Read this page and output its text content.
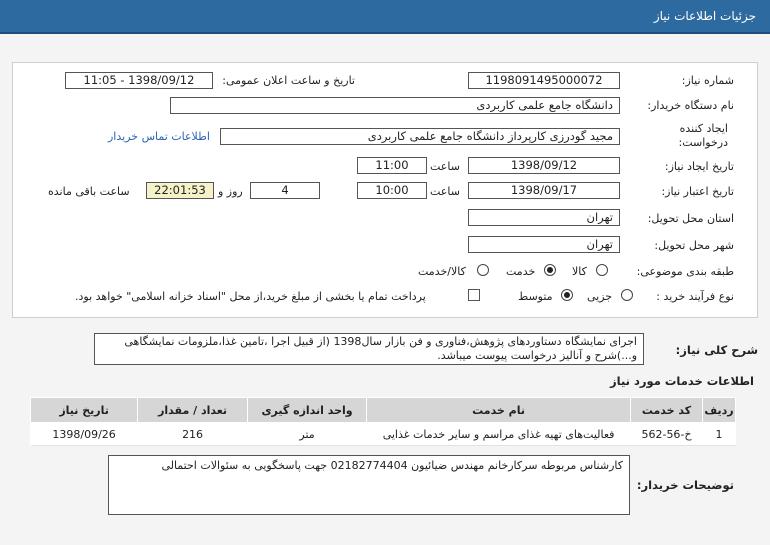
جزئیات اطلاعات نیاز
شماره نیاز:
1198091495000072
تاریخ و ساعت اعلان عمومی:
1398/09/12 - 11:05
نام دستگاه خریدار:
دانشگاه جامع علمی کاربردی
ایجاد کننده درخواست:
مجید گودرزی کارپرداز دانشگاه جامع علمی کاربردی
اطلاعات تماس خریدار
تاریخ ایجاد نیاز:
1398/09/12
ساعت
11:00
تاریخ اعتبار نیاز:
1398/09/17
ساعت
10:00
4
روز و
22:01:53
ساعت باقی مانده
استان محل تحویل:
تهران
شهر محل تحویل:
تهران
طبقه بندی موضوعی:
کالا
خدمت
کالا/خدمت
نوع فرآیند خرید :
جزیی
متوسط
پرداخت تمام یا بخشی از مبلغ خرید،از محل "اسناد خزانه اسلامی" خواهد بود.
شرح کلی نیاز:
اجرای نمایشگاه دستاوردهای پژوهش،فناوری و فن بازار سال1398 (از قبیل اجرا ،تامین غذا،ملزومات نمایشگاهی و...)شرح و آنالیز درخواست پیوست میباشد.
اطلاعات خدمات مورد نیاز
ردیف	کد خدمت	نام خدمت	واحد اندازه گیری	تعداد / مقدار	تاریخ نیاز
1	خ-56-562	فعالیت‌های تهیه غذای مراسم و سایر خدمات غذایی	متر	216	1398/09/26
توضیحات خریدار:
کارشناس مربوطه سرکارخانم مهندس ضیائیون 02182774404 جهت پاسخگویی به سئوالات احتمالی
